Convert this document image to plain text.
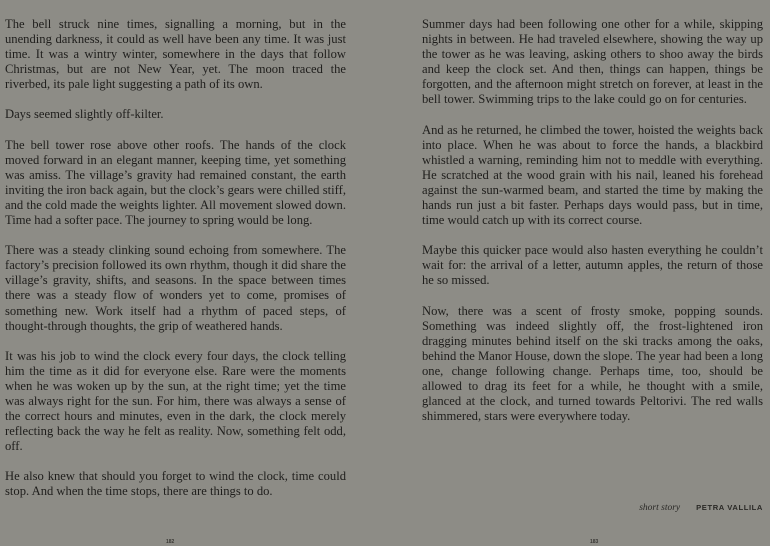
The bell struck nine times, signalling a morning, but in the unending darkness, it could as well have been any time. It was just time. It was a wintry winter, somewhere in the days that follow Christmas, but are not New Year, yet. The moon traced the riverbed, its pale light suggesting a path of its own.

Days seemed slightly off-kilter.

The bell tower rose above other roofs. The hands of the clock moved forward in an elegant manner, keeping time, yet something was amiss. The village’s gravity had remained constant, the earth inviting the iron back again, but the clock’s gears were chilled stiff, and the cold made the weights lighter. All movement slowed down. Time had a softer pace. The journey to spring would be long.

There was a steady clinking sound echoing from somewhere. The factory’s precision followed its own rhythm, though it did share the village’s gravity, shifts, and seasons. In the space between times there was a steady flow of wonders yet to come, promises of something new. Work itself had a rhythm of paced steps, of thought-through thoughts, the grip of weathered hands.

It was his job to wind the clock every four days, the clock telling him the time as it did for everyone else. Rare were the moments when he was woken up by the sun, at the right time; yet the time was always right for the sun. For him, there was always a sense of the correct hours and minutes, even in the dark, the clock merely reflecting back the way he felt as reality. Now, something felt odd, off.

He also knew that should you forget to wind the clock, time could stop. And when the time stops, there are things to do.

Summer days had been following one other for a while, skipping nights in between. He had traveled elsewhere, showing the way up the tower as he was leaving, asking others to shoo away the birds and keep the clock set. And then, things can happen, things be forgotten, and the afternoon might stretch on forever, at least in the bell tower. Swimming trips to the lake could go on for centuries.

And as he returned, he climbed the tower, hoisted the weights back into place. When he was about to force the hands, a blackbird whistled a warning, reminding him not to meddle with everything. He scratched at the wood grain with his nail, leaned his forehead against the sun-warmed beam, and started the time by making the hands run just a bit faster. Perhaps days would pass, but in time, time would catch up with its correct course.

Maybe this quicker pace would also hasten everything he couldn’t wait for: the arrival of a letter, autumn apples, the return of those he so missed.

Now, there was a scent of frosty smoke, popping sounds. Something was indeed slightly off, the frost-lightened iron dragging minutes behind itself on the ski tracks among the oaks, behind the Manor House, down the slope. The year had been a long one, change following change. Perhaps time, too, should be allowed to drag its feet for a while, he thought with a smile, glanced at the clock, and turned towards Peltorivi. The red walls shimmered, stars were everywhere today.

short story PETRA VALLILA
182	183
